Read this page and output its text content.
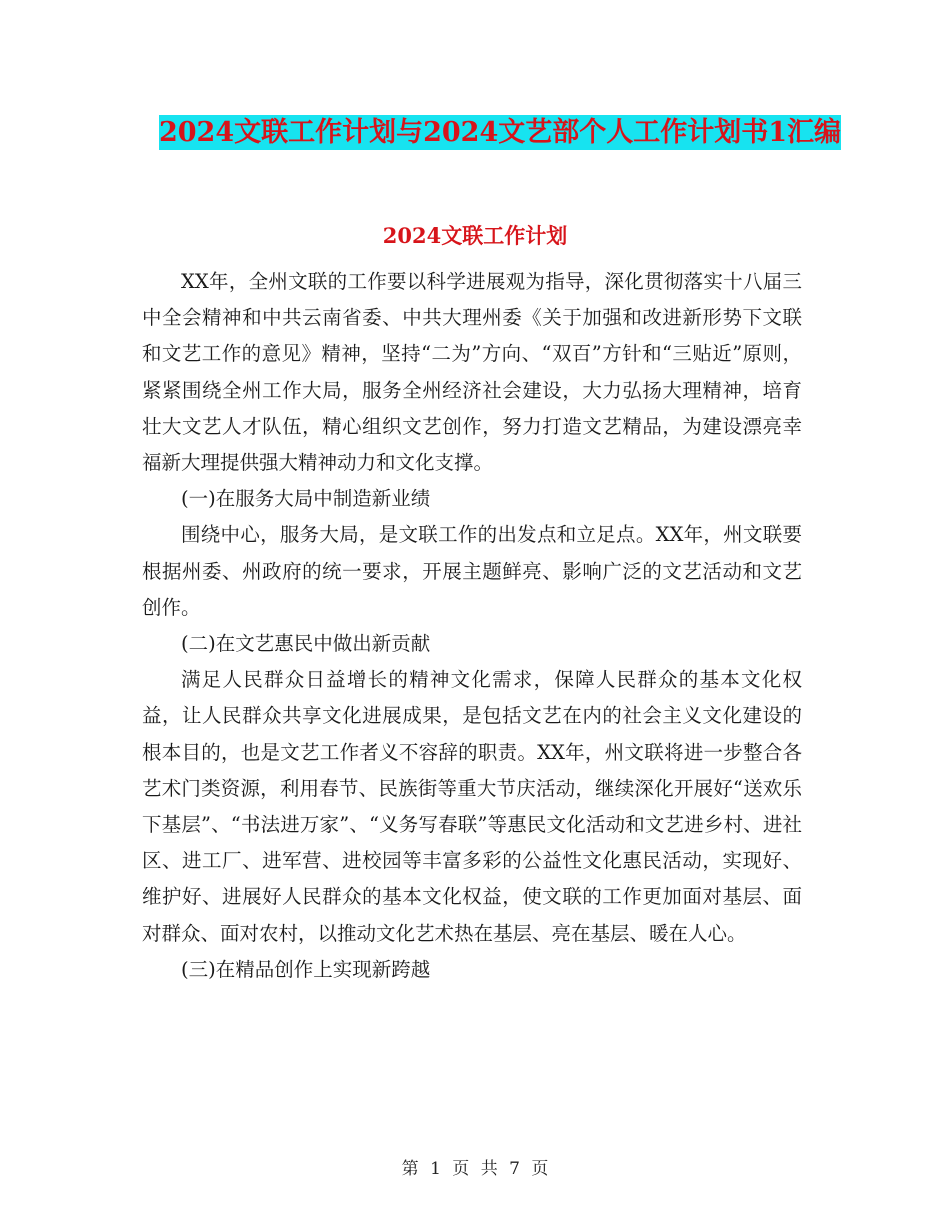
2024文联工作计划与2024文艺部个人工作计划书1汇编
2024文联工作计划

XX年，全州文联的工作要以科学进展观为指导，深化贯彻落实十八届三中全会精神和中共云南省委、中共大理州委《关于加强和改进新形势下文联和文艺工作的意见》精神，坚持“二为”方向、“双百”方针和“三贴近”原则，紧紧围绕全州工作大局，服务全州经济社会建设，大力弘扬大理精神，培育壮大文艺人才队伍，精心组织文艺创作，努力打造文艺精品，为建设漂亮幸福新大理提供强大精神动力和文化支撑。

(一)在服务大局中制造新业绩

围绕中心，服务大局，是文联工作的出发点和立足点。XX年，州文联要根据州委、州政府的统一要求，开展主题鲜亮、影响广泛的文艺活动和文艺创作。

(二)在文艺惠民中做出新贡献

满足人民群众日益增长的精神文化需求，保障人民群众的基本文化权益，让人民群众共享文化进展成果，是包括文艺在内的社会主义文化建设的根本目的，也是文艺工作者义不容辞的职责。XX年，州文联将进一步整合各艺术门类资源，利用春节、民族街等重大节庆活动，继续深化开展好“送欢乐下基层”、“书法进万家”、“义务写春联”等惠民文化活动和文艺进乡村、进社区、进工厂、进军营、进校园等丰富多彩的公益性文化惠民活动，实现好、维护好、进展好人民群众的基本文化权益，使文联的工作更加面对基层、面对群众、面对农村，以推动文化艺术热在基层、亮在基层、暖在人心。

(三)在精品创作上实现新跨越

第 1 页 共 7 页
